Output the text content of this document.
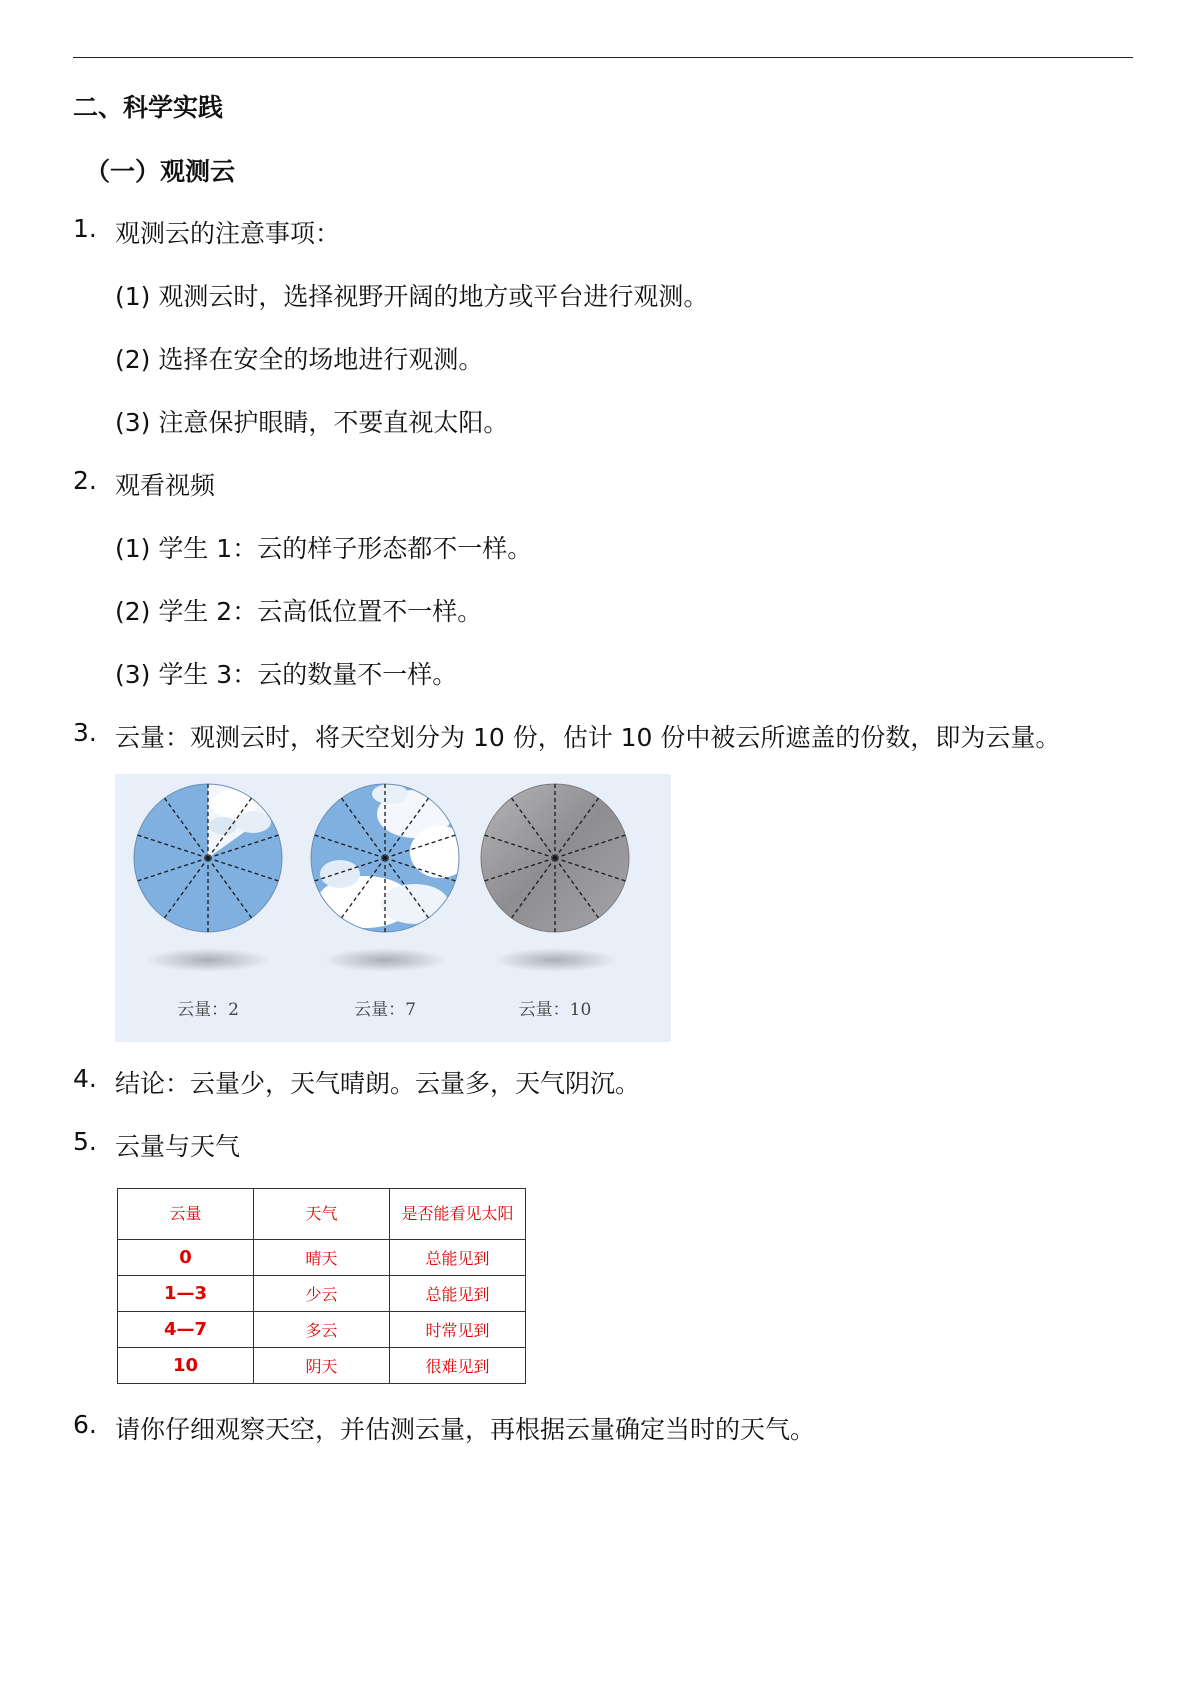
二、科学实践
（一）观测云
1. 观测云的注意事项：
(1) 观测云时，选择视野开阔的地方或平台进行观测。
(2) 选择在安全的场地进行观测。
(3) 注意保护眼睛，不要直视太阳。
2. 观看视频
(1) 学生 1：云的样子形态都不一样。
(2) 学生 2：云高低位置不一样。
(3) 学生 3：云的数量不一样。
3. 云量：观测云时，将天空划分为 10 份，估计 10 份中被云所遮盖的份数，即为云量。
云量：2	云量：7	云量：10
4. 结论：云量少，天气晴朗。云量多，天气阴沉。
5. 云量与天气
云量	天气	是否能看见太阳
0	晴天	总能见到
1—3	少云	总能见到
4—7	多云	时常见到
10	阴天	很难见到
6. 请你仔细观察天空，并估测云量，再根据云量确定当时的天气。
